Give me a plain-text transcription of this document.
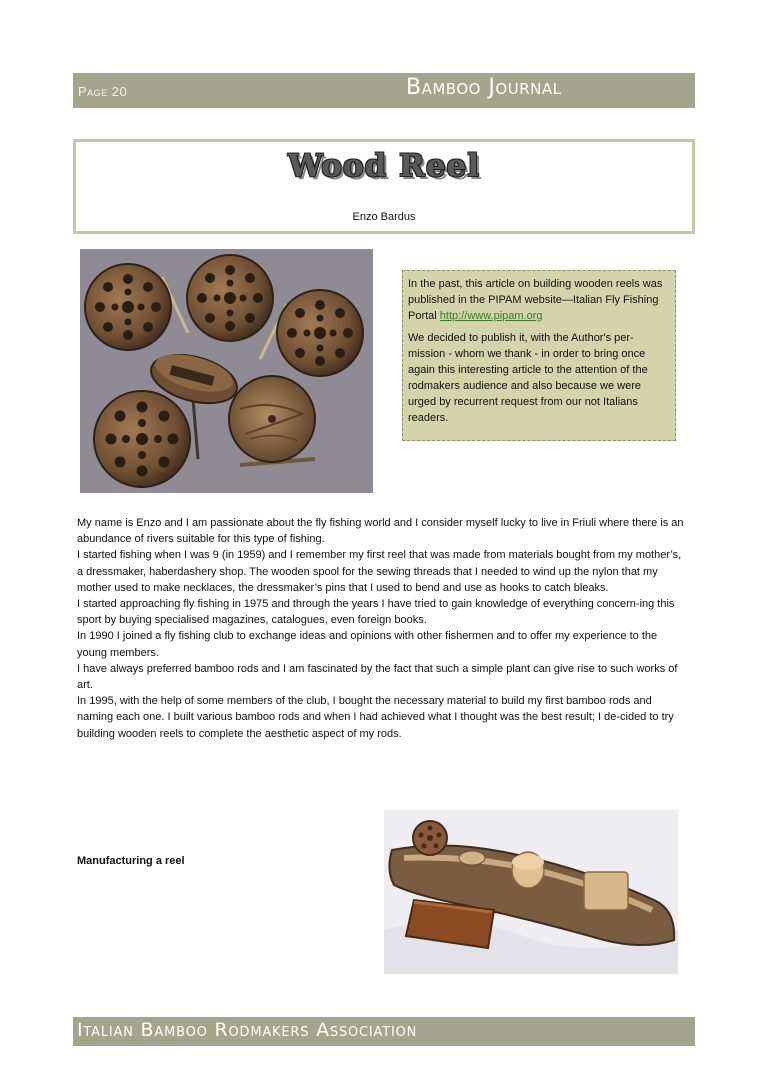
Page 20	Bamboo Journal
Wood Reel
Enzo Bardus

In the past, this article on building wooden reels was published in the PIPAM website—Italian Fly Fishing Portal http://www.pipam.org

We decided to publish it, with the Author's per-mission - whom we thank - in order to bring once again this interesting article to the attention of the rodmakers audience and also because we were urged by recurrent request from our not Italians readers.

My name is Enzo and I am passionate about the fly fishing world and I consider myself lucky to live in Friuli where there is an abundance of rivers suitable for this type of fishing.

I started fishing when I was 9 (in 1959) and I remember my first reel that was made from materials bought from my mother’s, a dressmaker, haberdashery shop. The wooden spool for the sewing threads that I needed to wind up the nylon that my mother used to make necklaces, the dressmaker’s pins that I used to bend and use as hooks to catch bleaks.

I started approaching fly fishing in 1975 and through the years I have tried to gain knowledge of everything concern-ing this sport by buying specialised magazines, catalogues, even foreign books.

In 1990 I joined a fly fishing club to exchange ideas and opinions with other fishermen and to offer my experience to the young members.

I have always preferred bamboo rods and I am fascinated by the fact that such a simple plant can give rise to such works of art.

In 1995, with the help of some members of the club, I bought the necessary material to build my first bamboo rods and naming each one. I built various bamboo rods and when I had achieved what I thought was the best result; I de-cided to try building wooden reels to complete the aesthetic aspect of my rods.

Manufacturing a reel
Italian Bamboo Rodmakers Association
